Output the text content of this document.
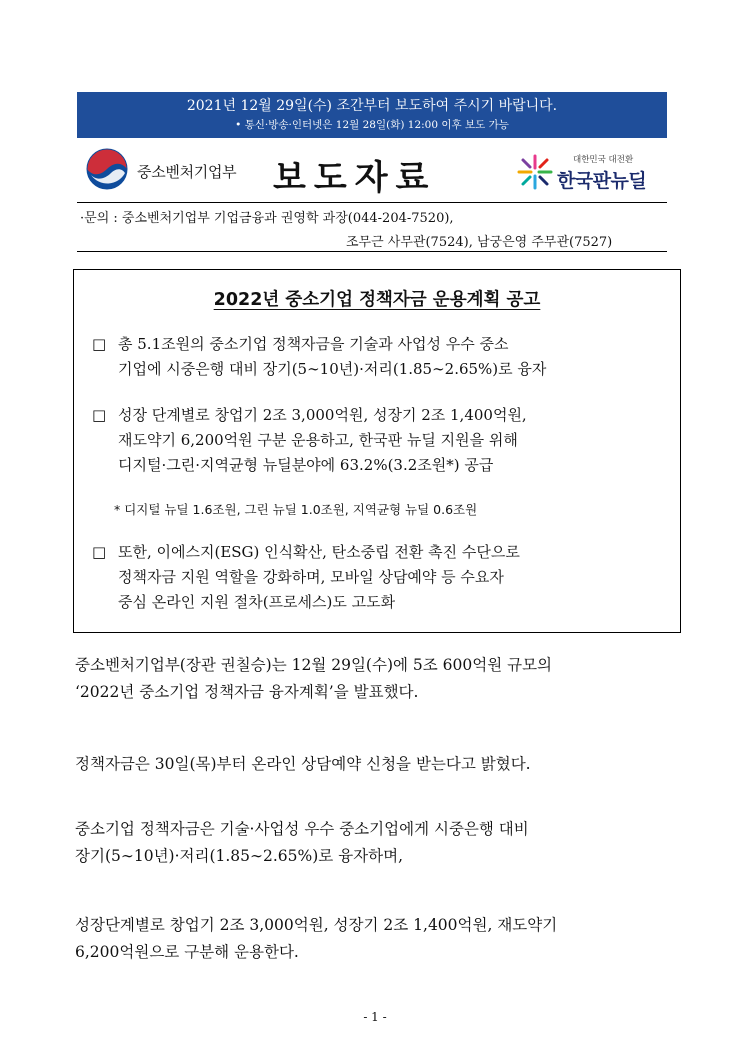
2021년 12월 29일(수) 조간부터 보도하여 주시기 바랍니다.
• 통신·방송·인터넷은 12월 28일(화) 12:00 이후 보도 가능
중소벤처기업부 보도자료	대한민국 대전환
한국판뉴딜
·문의 : 중소벤처기업부 기업금융과 권영학 과장(044-204-7520),
조무근 사무관(7524), 남궁은영 주무관(7527)
2022년 중소기업 정책자금 운용계획 공고
□ 총 5.1조원의 중소기업 정책자금을 기술과 사업성 우수 중소
기업에 시중은행 대비 장기(5∼10년)·저리(1.85∼2.65%)로 융자
□ 성장 단계별로 창업기 2조 3,000억원, 성장기 2조 1,400억원,
재도약기 6,200억원 구분 운용하고, 한국판 뉴딜 지원을 위해
디지털·그린·지역균형 뉴딜분야에 63.2%(3.2조원*) 공급
* 디지털 뉴딜 1.6조원, 그린 뉴딜 1.0조원, 지역균형 뉴딜 0.6조원
□ 또한, 이에스지(ESG) 인식확산, 탄소중립 전환 촉진 수단으로
정책자금 지원 역할을 강화하며, 모바일 상담예약 등 수요자
중심 온라인 지원 절차(프로세스)도 고도화
중소벤처기업부(장관 권칠승)는 12월 29일(수)에 5조 600억원 규모의
‘2022년 중소기업 정책자금 융자계획’을 발표했다.
정책자금은 30일(목)부터 온라인 상담예약 신청을 받는다고 밝혔다.
중소기업 정책자금은 기술·사업성 우수 중소기업에게 시중은행 대비
장기(5∼10년)·저리(1.85∼2.65%)로 융자하며,
성장단계별로 창업기 2조 3,000억원, 성장기 2조 1,400억원, 재도약기
6,200억원으로 구분해 운용한다.
- 1 -
